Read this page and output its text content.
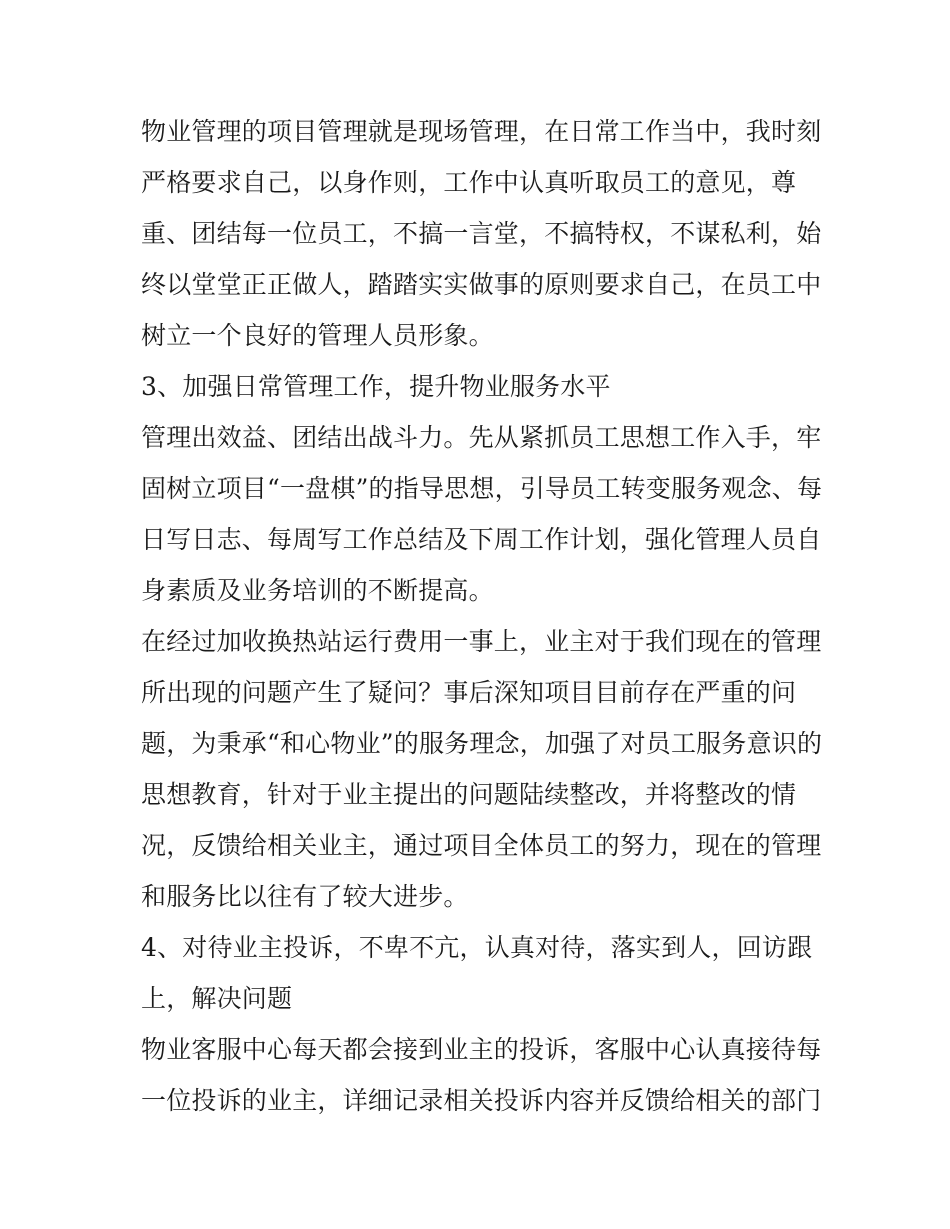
物业管理的项目管理就是现场管理，在日常工作当中，我时刻
严格要求自己，以身作则，工作中认真听取员工的意见，尊
重、团结每一位员工，不搞一言堂，不搞特权，不谋私利，始
终以堂堂正正做人，踏踏实实做事的原则要求自己，在员工中
树立一个良好的管理人员形象。
3、加强日常管理工作，提升物业服务水平
管理出效益、团结出战斗力。先从紧抓员工思想工作入手，牢
固树立项目“一盘棋”的指导思想，引导员工转变服务观念、每
日写日志、每周写工作总结及下周工作计划，强化管理人员自
身素质及业务培训的不断提高。
在经过加收换热站运行费用一事上，业主对于我们现在的管理
所出现的问题产生了疑问？事后深知项目目前存在严重的问
题，为秉承“和心物业”的服务理念，加强了对员工服务意识的
思想教育，针对于业主提出的问题陆续整改，并将整改的情
况，反馈给相关业主，通过项目全体员工的努力，现在的管理
和服务比以往有了较大进步。
4、对待业主投诉，不卑不亢，认真对待，落实到人，回访跟
上，解决问题
物业客服中心每天都会接到业主的投诉，客服中心认真接待每
一位投诉的业主，详细记录相关投诉内容并反馈给相关的部门
